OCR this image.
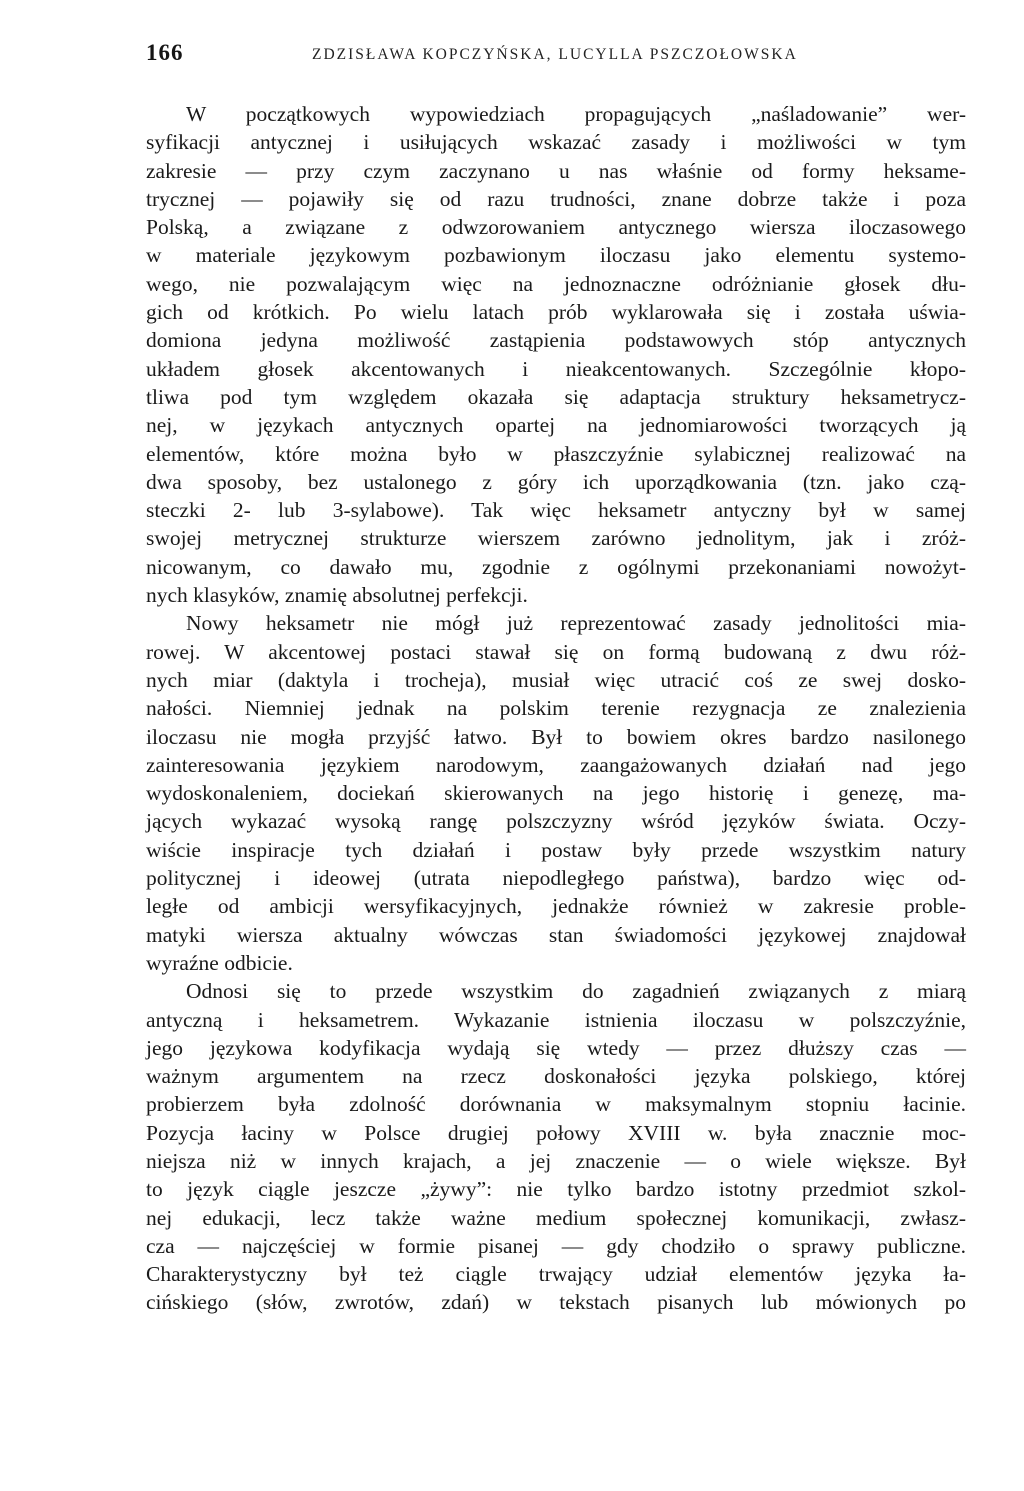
166	ZDZISŁAWA KOPCZYŃSKA, LUCYLLA PSZCZOŁOWSKA
W początkowych wypowiedziach propagujących „naśladowanie” wer-
syfikacji antycznej i usiłujących wskazać zasady i możliwości w tym
zakresie — przy czym zaczynano u nas właśnie od formy heksame-
trycznej — pojawiły się od razu trudności, znane dobrze także i poza
Polską, a związane z odwzorowaniem antycznego wiersza iloczasowego
w materiale językowym pozbawionym iloczasu jako elementu systemo-
wego, nie pozwalającym więc na jednoznaczne odróżnianie głosek dłu-
gich od krótkich. Po wielu latach prób wyklarowała się i została uświa-
domiona jedyna możliwość zastąpienia podstawowych stóp antycznych
układem głosek akcentowanych i nieakcentowanych. Szczególnie kłopo-
tliwa pod tym względem okazała się adaptacja struktury heksametrycz-
nej, w językach antycznych opartej na jednomiarowości tworzących ją
elementów, które można było w płaszczyźnie sylabicznej realizować na
dwa sposoby, bez ustalonego z góry ich uporządkowania (tzn. jako czą-
steczki 2- lub 3-sylabowe). Tak więc heksametr antyczny był w samej
swojej metrycznej strukturze wierszem zarówno jednolitym, jak i zróż-
nicowanym, co dawało mu, zgodnie z ogólnymi przekonaniami nowożyt-
nych klasyków, znamię absolutnej perfekcji.
Nowy heksametr nie mógł już reprezentować zasady jednolitości mia-
rowej. W akcentowej postaci stawał się on formą budowaną z dwu róż-
nych miar (daktyla i trocheja), musiał więc utracić coś ze swej dosko-
nałości. Niemniej jednak na polskim terenie rezygnacja ze znalezienia
iloczasu nie mogła przyjść łatwo. Był to bowiem okres bardzo nasilonego
zainteresowania językiem narodowym, zaangażowanych działań nad jego
wydoskonaleniem, dociekań skierowanych na jego historię i genezę, ma-
jących wykazać wysoką rangę polszczyzny wśród języków świata. Oczy-
wiście inspiracje tych działań i postaw były przede wszystkim natury
politycznej i ideowej (utrata niepodległego państwa), bardzo więc od-
ległe od ambicji wersyfikacyjnych, jednakże również w zakresie proble-
matyki wiersza aktualny wówczas stan świadomości językowej znajdował
wyraźne odbicie.
Odnosi się to przede wszystkim do zagadnień związanych z miarą
antyczną i heksametrem. Wykazanie istnienia iloczasu w polszczyźnie,
jego językowa kodyfikacja wydają się wtedy — przez dłuższy czas —
ważnym argumentem na rzecz doskonałości języka polskiego, której
probierzem była zdolność dorównania w maksymalnym stopniu łacinie.
Pozycja łaciny w Polsce drugiej połowy XVIII w. była znacznie moc-
niejsza niż w innych krajach, a jej znaczenie — o wiele większe. Był
to język ciągle jeszcze „żywy”: nie tylko bardzo istotny przedmiot szkol-
nej edukacji, lecz także ważne medium społecznej komunikacji, zwłasz-
cza — najczęściej w formie pisanej — gdy chodziło o sprawy publiczne.
Charakterystyczny był też ciągle trwający udział elementów języka ła-
cińskiego (słów, zwrotów, zdań) w tekstach pisanych lub mówionych po
